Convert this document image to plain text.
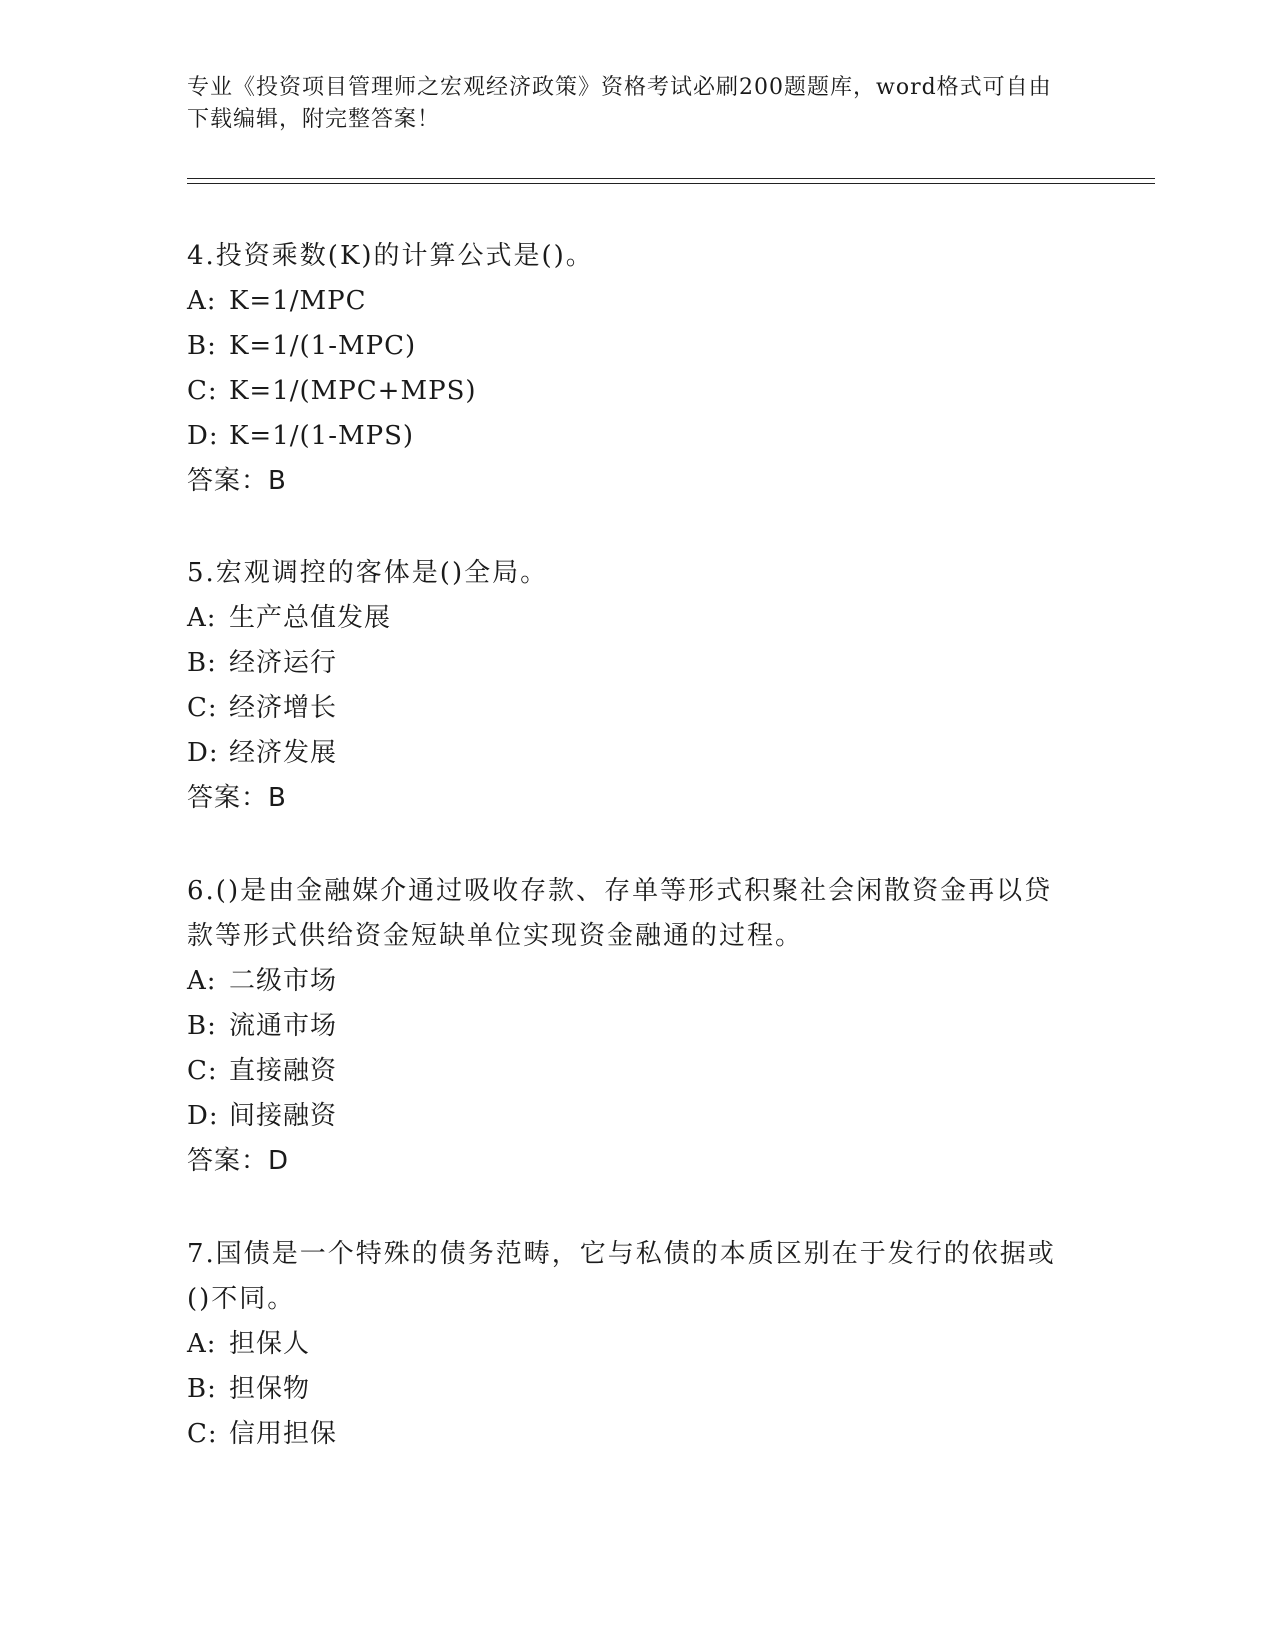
专业《投资项目管理师之宏观经济政策》资格考试必刷200题题库，word格式可自由下载编辑，附完整答案！

4.投资乘数(K)的计算公式是()。

A: K=1/MPC

B: K=1/(1-MPC)

C: K=1/(MPC+MPS)

D: K=1/(1-MPS)

答案：B

5.宏观调控的客体是()全局。

A: 生产总值发展

B: 经济运行

C: 经济增长

D: 经济发展

答案：B

6.()是由金融媒介通过吸收存款、存单等形式积聚社会闲散资金再以贷款等形式供给资金短缺单位实现资金融通的过程。

A: 二级市场

B: 流通市场

C: 直接融资

D: 间接融资

答案：D

7.国债是一个特殊的债务范畴，它与私债的本质区别在于发行的依据或()不同。

A: 担保人

B: 担保物

C: 信用担保
